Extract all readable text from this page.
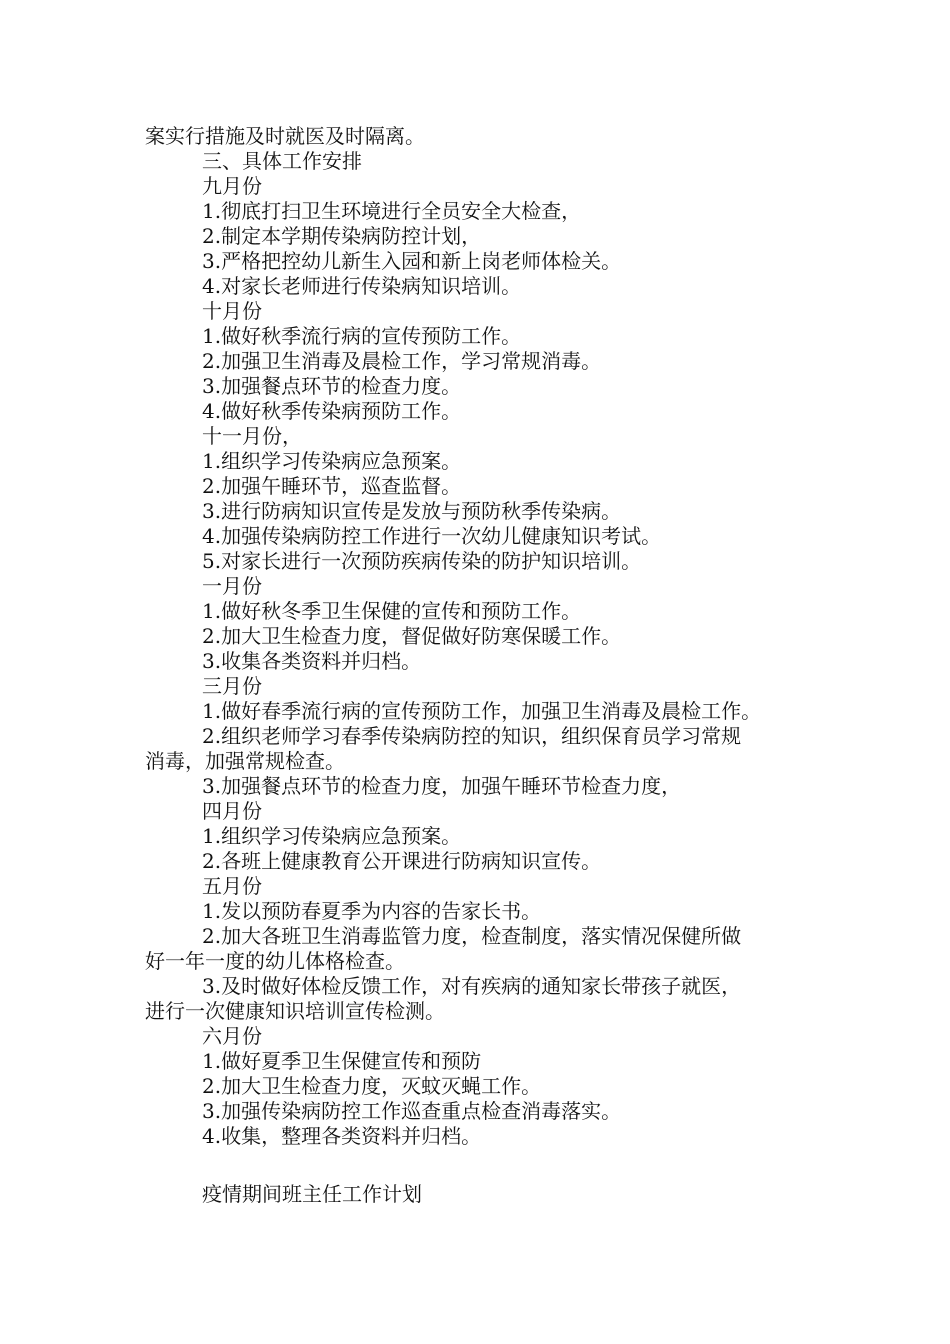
案实行措施及时就医及时隔离。

三、具体工作安排

九月份

1.彻底打扫卫生环境进行全员安全大检查，

2.制定本学期传染病防控计划，

3.严格把控幼儿新生入园和新上岗老师体检关。

4.对家长老师进行传染病知识培训。

十月份

1.做好秋季流行病的宣传预防工作。

2.加强卫生消毒及晨检工作，学习常规消毒。

3.加强餐点环节的检查力度。

4.做好秋季传染病预防工作。

十一月份，

1.组织学习传染病应急预案。

2.加强午睡环节，巡查监督。

3.进行防病知识宣传是发放与预防秋季传染病。

4.加强传染病防控工作进行一次幼儿健康知识考试。

5.对家长进行一次预防疾病传染的防护知识培训。

一月份

1.做好秋冬季卫生保健的宣传和预防工作。

2.加大卫生检查力度，督促做好防寒保暖工作。

3.收集各类资料并归档。

三月份

1.做好春季流行病的宣传预防工作，加强卫生消毒及晨检工作。

2.组织老师学习春季传染病防控的知识，组织保育员学习常规

消毒，加强常规检查。

3.加强餐点环节的检查力度，加强午睡环节检查力度，

四月份

1.组织学习传染病应急预案。

2.各班上健康教育公开课进行防病知识宣传。

五月份

1.发以预防春夏季为内容的告家长书。

2.加大各班卫生消毒监管力度，检查制度，落实情况保健所做

好一年一度的幼儿体格检查。

3.及时做好体检反馈工作，对有疾病的通知家长带孩子就医，

进行一次健康知识培训宣传检测。

六月份

1.做好夏季卫生保健宣传和预防

2.加大卫生检查力度，灭蚊灭蝇工作。

3.加强传染病防控工作巡查重点检查消毒落实。

4.收集，整理各类资料并归档。

疫情期间班主任工作计划
